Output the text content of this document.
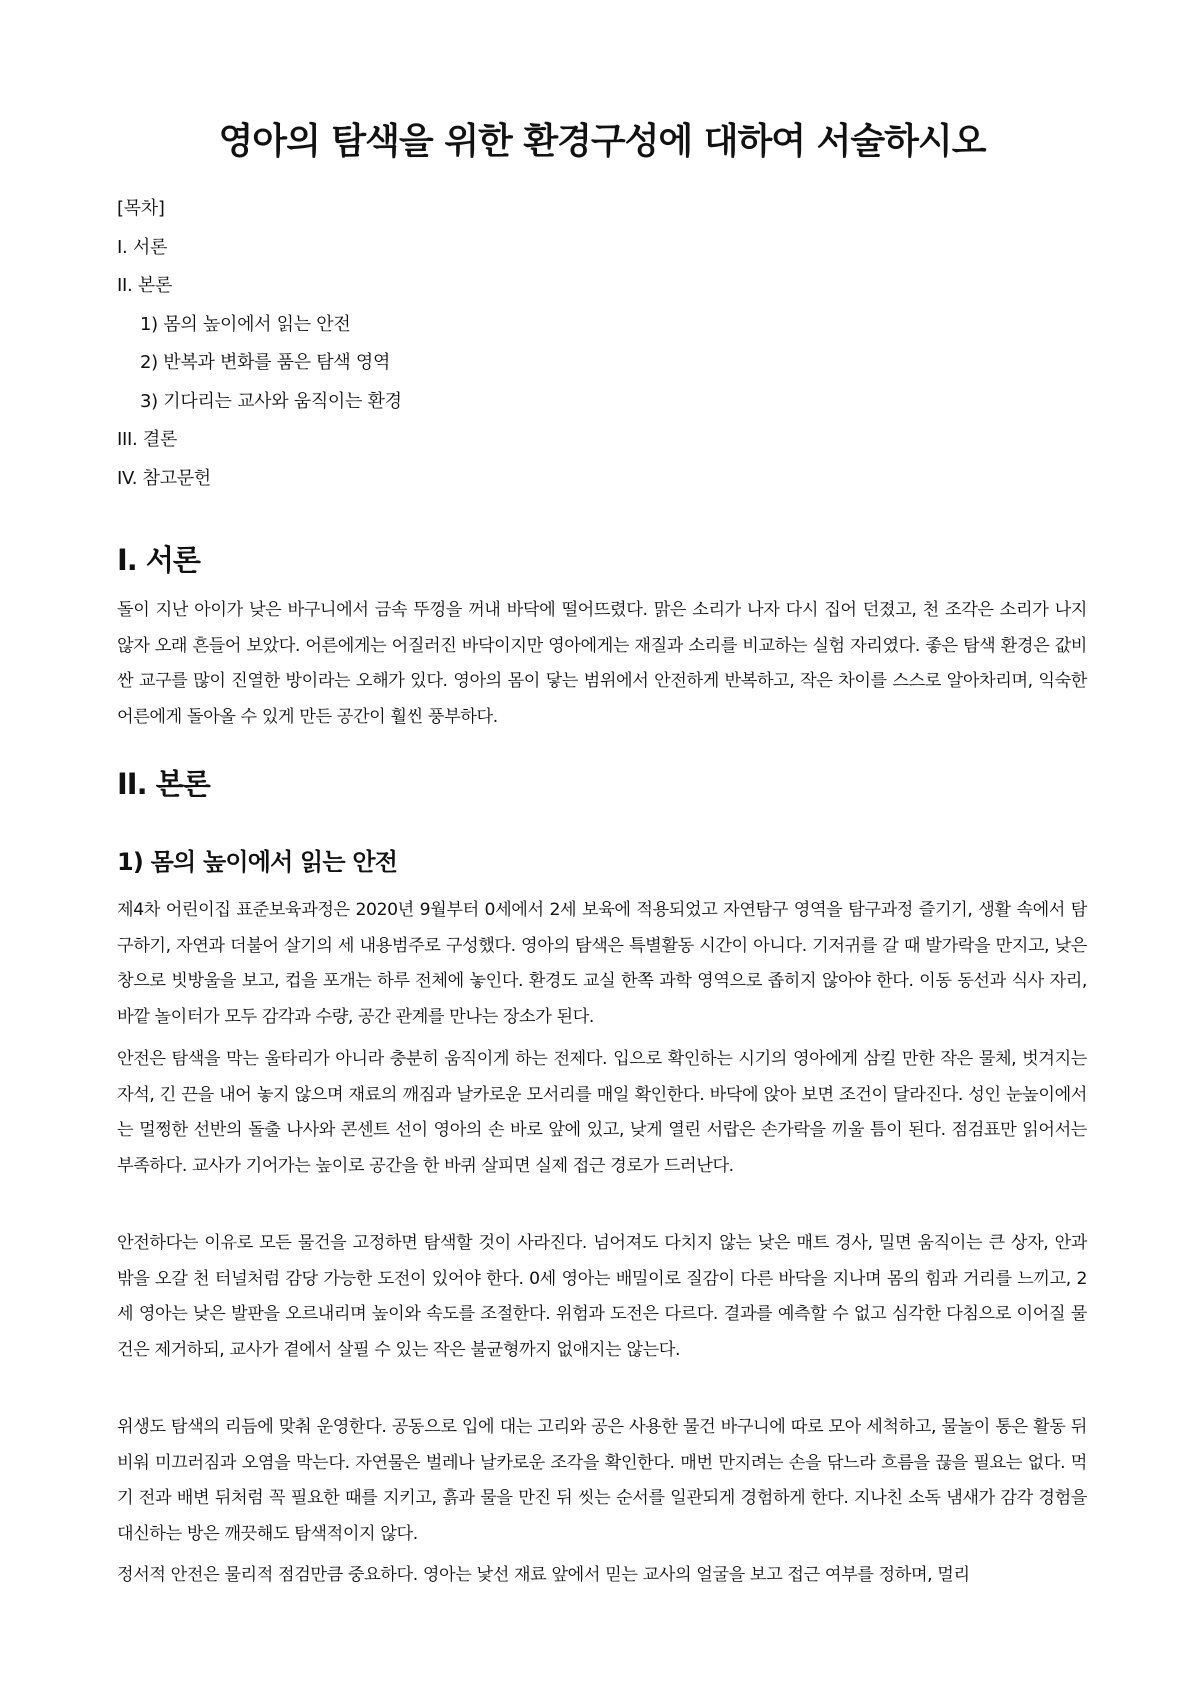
영아의 탐색을 위한 환경구성에 대하여 서술하시오
[목차]
I. 서론
II. 본론
1) 몸의 높이에서 읽는 안전
2) 반복과 변화를 품은 탐색 영역
3) 기다리는 교사와 움직이는 환경
III. 결론
IV. 참고문헌
I. 서론

돌이 지난 아이가 낮은 바구니에서 금속 뚜껑을 꺼내 바닥에 떨어뜨렸다. 맑은 소리가 나자 다시 집어 던졌고, 천 조각은 소리가 나지 않자 오래 흔들어 보았다. 어른에게는 어질러진 바닥이지만 영아에게는 재질과 소리를 비교하는 실험 자리였다. 좋은 탐색 환경은 값비싼 교구를 많이 진열한 방이라는 오해가 있다. 영아의 몸이 닿는 범위에서 안전하게 반복하고, 작은 차이를 스스로 알아차리며, 익숙한 어른에게 돌아올 수 있게 만든 공간이 훨씬 풍부하다.

II. 본론
1) 몸의 높이에서 읽는 안전

제4차 어린이집 표준보육과정은 2020년 9월부터 0세에서 2세 보육에 적용되었고 자연탐구 영역을 탐구과정 즐기기, 생활 속에서 탐구하기, 자연과 더불어 살기의 세 내용범주로 구성했다. 영아의 탐색은 특별활동 시간이 아니다. 기저귀를 갈 때 발가락을 만지고, 낮은 창으로 빗방울을 보고, 컵을 포개는 하루 전체에 놓인다. 환경도 교실 한쪽 과학 영역으로 좁히지 않아야 한다. 이동 동선과 식사 자리, 바깥 놀이터가 모두 감각과 수량, 공간 관계를 만나는 장소가 된다.

안전은 탐색을 막는 울타리가 아니라 충분히 움직이게 하는 전제다. 입으로 확인하는 시기의 영아에게 삼킬 만한 작은 물체, 벗겨지는 자석, 긴 끈을 내어 놓지 않으며 재료의 깨짐과 날카로운 모서리를 매일 확인한다. 바닥에 앉아 보면 조건이 달라진다. 성인 눈높이에서는 멀쩡한 선반의 돌출 나사와 콘센트 선이 영아의 손 바로 앞에 있고, 낮게 열린 서랍은 손가락을 끼울 틈이 된다. 점검표만 읽어서는 부족하다. 교사가 기어가는 높이로 공간을 한 바퀴 살피면 실제 접근 경로가 드러난다.

안전하다는 이유로 모든 물건을 고정하면 탐색할 것이 사라진다. 넘어져도 다치지 않는 낮은 매트 경사, 밀면 움직이는 큰 상자, 안과 밖을 오갈 천 터널처럼 감당 가능한 도전이 있어야 한다. 0세 영아는 배밀이로 질감이 다른 바닥을 지나며 몸의 힘과 거리를 느끼고, 2세 영아는 낮은 발판을 오르내리며 높이와 속도를 조절한다. 위험과 도전은 다르다. 결과를 예측할 수 없고 심각한 다침으로 이어질 물건은 제거하되, 교사가 곁에서 살필 수 있는 작은 불균형까지 없애지는 않는다.

위생도 탐색의 리듬에 맞춰 운영한다. 공동으로 입에 대는 고리와 공은 사용한 물건 바구니에 따로 모아 세척하고, 물놀이 통은 활동 뒤 비워 미끄러짐과 오염을 막는다. 자연물은 벌레나 날카로운 조각을 확인한다. 매번 만지려는 손을 닦느라 흐름을 끊을 필요는 없다. 먹기 전과 배변 뒤처럼 꼭 필요한 때를 지키고, 흙과 물을 만진 뒤 씻는 순서를 일관되게 경험하게 한다. 지나친 소독 냄새가 감각 경험을 대신하는 방은 깨끗해도 탐색적이지 않다.

정서적 안전은 물리적 점검만큼 중요하다. 영아는 낯선 재료 앞에서 믿는 교사의 얼굴을 보고 접근 여부를 정하며, 멀리
